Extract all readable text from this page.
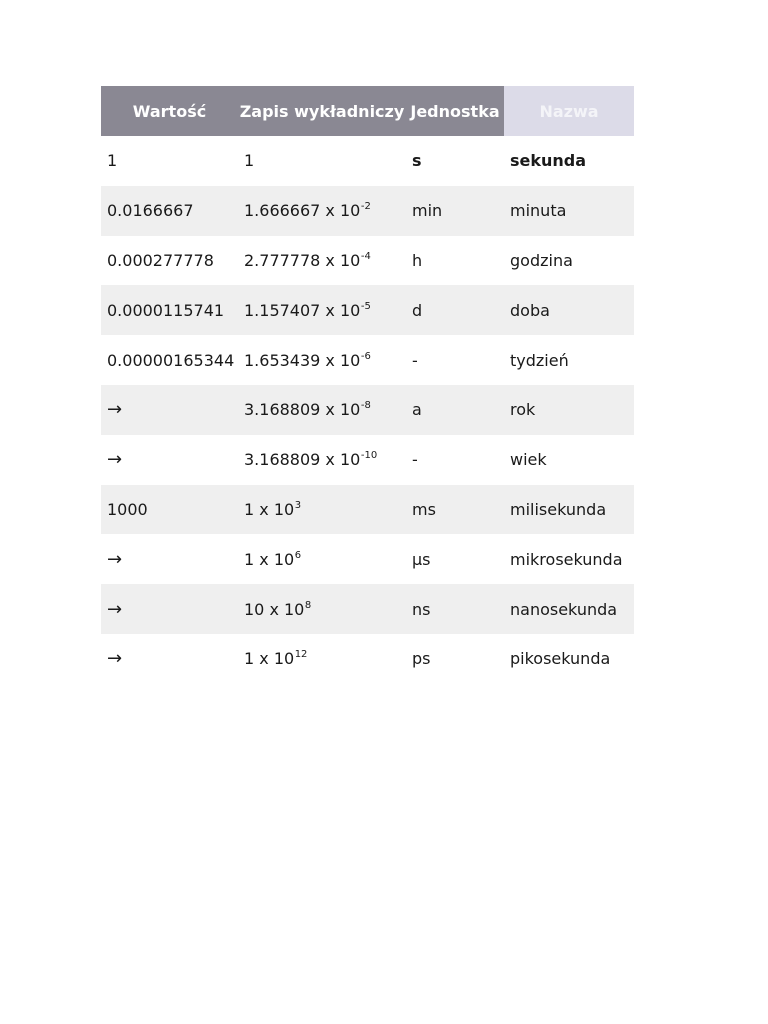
Wartość	Zapis wykładniczy	Jednostka	Nazwa
1	1	s	sekunda
0.0166667	1.666667 x $10^{-2}$	min	minuta
0.000277778	2.777778 x $10^{-4}$	h	godzina
0.0000115741	1.157407 x $10^{-5}$	d	doba
0.00000165344	1.653439 x $10^{-6}$	-	tydzień
→	3.168809 x $10^{-8}$	a	rok
→	3.168809 x $10^{-10}$	-	wiek
1000	1 x $10^3$	ms	milisekunda
→	1 x $10^6$	μs	mikrosekunda
→	10 x $10^8$	ns	nanosekunda
→	1 x $10^{12}$	ps	pikosekunda
